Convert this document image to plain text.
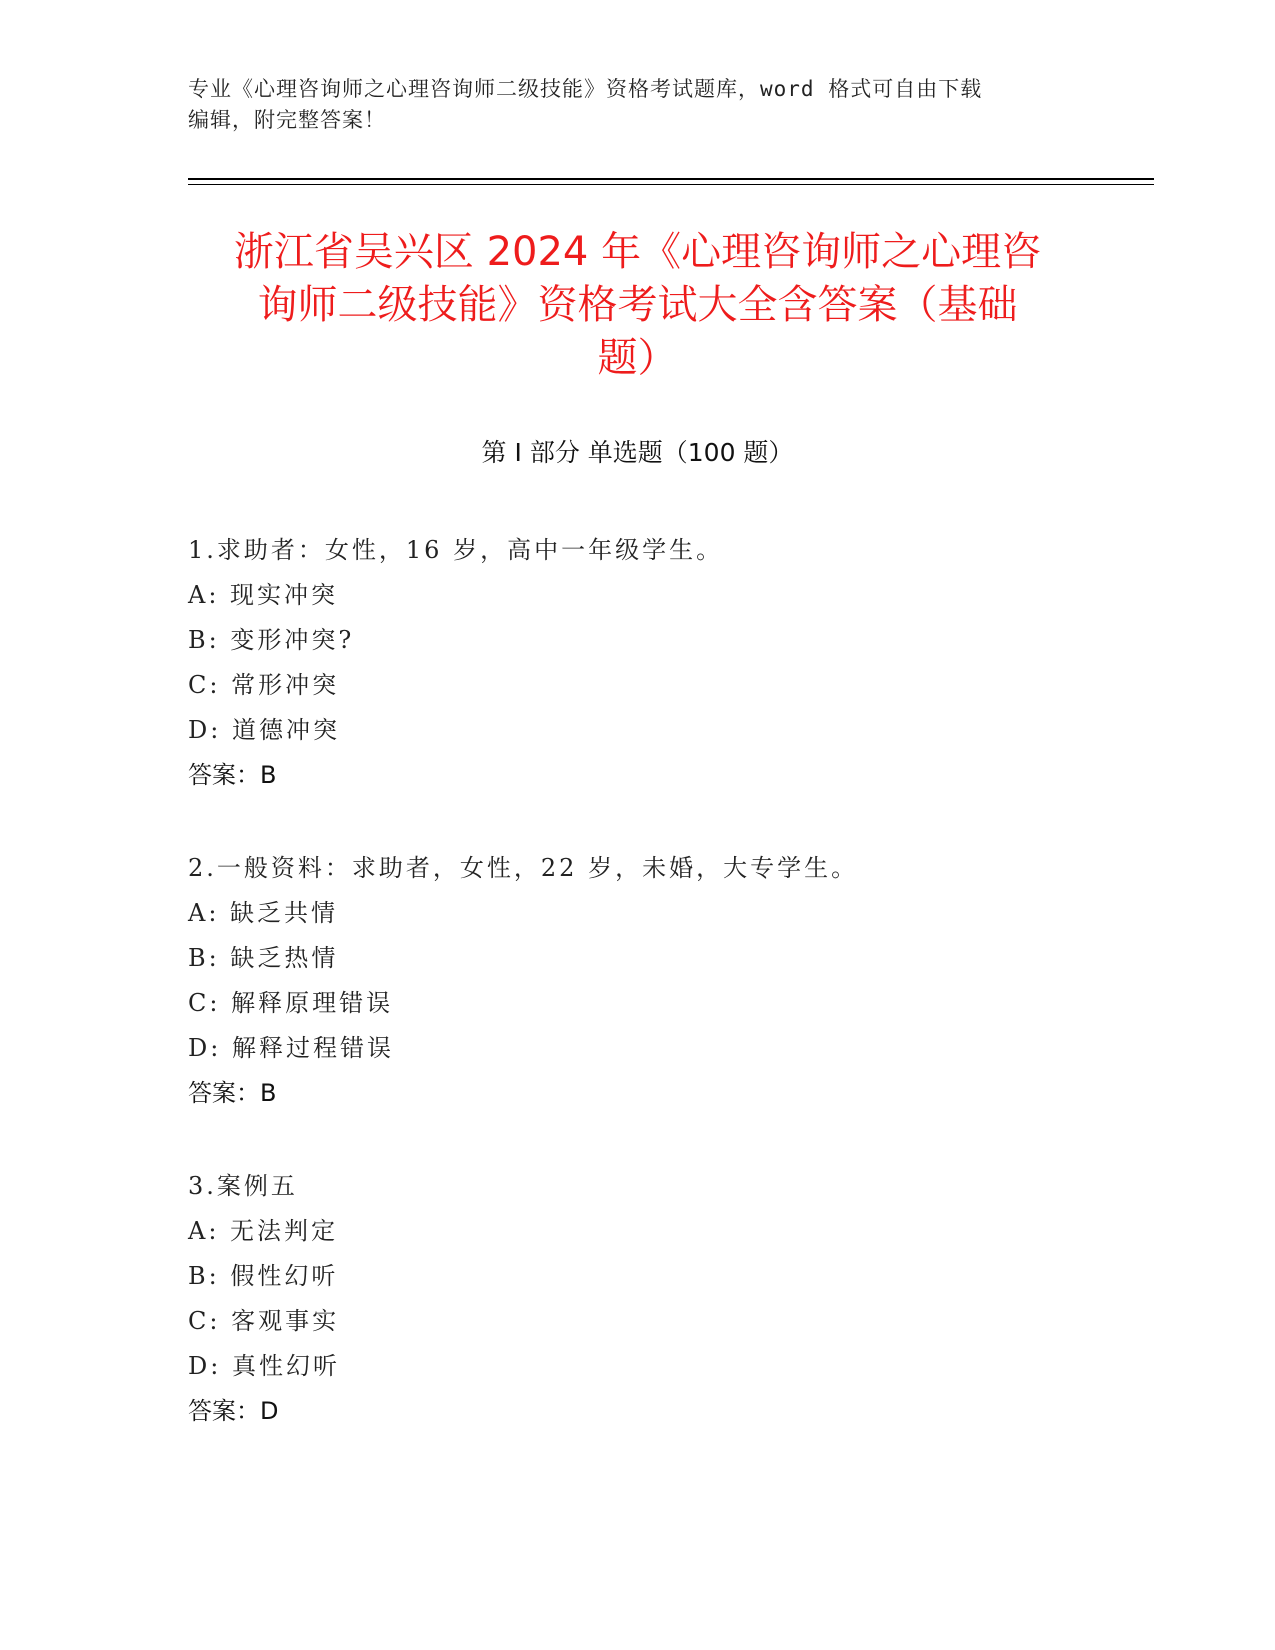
专业《心理咨询师之心理咨询师二级技能》资格考试题库，word 格式可自由下载
编辑，附完整答案！
浙江省吴兴区 2024 年《心理咨询师之心理咨
询师二级技能》资格考试大全含答案（基础
题）
第 I 部分 单选题（100 题）
1.求助者：女性，16 岁，高中一年级学生。
A: 现实冲突
B: 变形冲突?
C: 常形冲突
D: 道德冲突
答案：B
2.一般资料：求助者，女性，22 岁，未婚，大专学生。
A: 缺乏共情
B: 缺乏热情
C: 解释原理错误
D: 解释过程错误
答案：B
3.案例五
A: 无法判定
B: 假性幻听
C: 客观事实
D: 真性幻听
答案：D
